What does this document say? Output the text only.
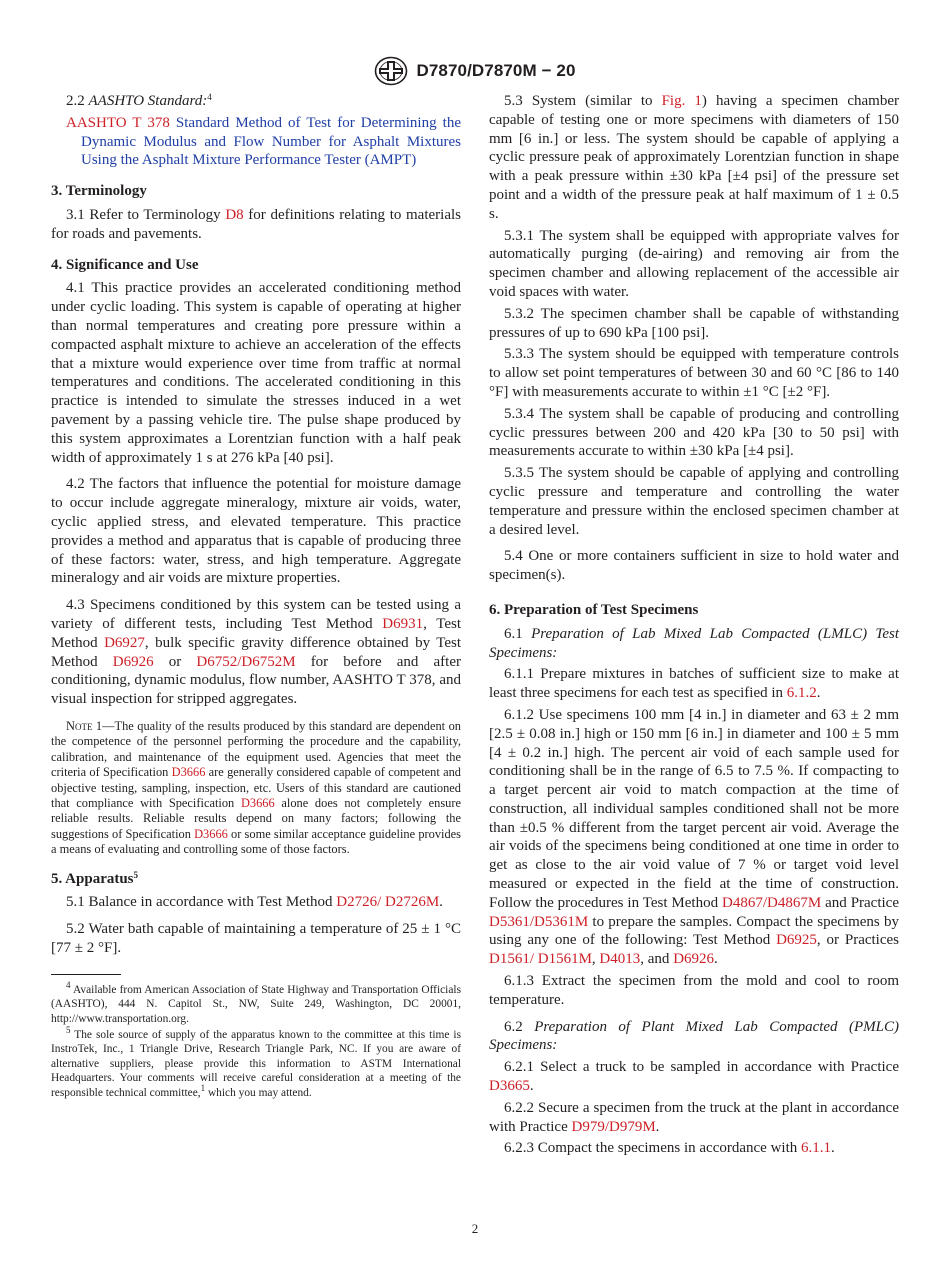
D7870/D7870M − 20

2.2 AASHTO Standard:$^4$

AASHTO T 378 Standard Method of Test for Determining the Dynamic Modulus and Flow Number for Asphalt Mixtures Using the Asphalt Mixture Performance Tester (AMPT)

3. Terminology

3.1 Refer to Terminology D8 for definitions relating to materials for roads and pavements.

4. Significance and Use

4.1 This practice provides an accelerated conditioning method under cyclic loading. This system is capable of operating at higher than normal temperatures and creating pore pressure within a compacted asphalt mixture to achieve an acceleration of the effects that a mixture would experience over time from traffic at normal temperatures and conditions. The accelerated conditioning in this practice is intended to simulate the stresses induced in a wet pavement by a passing vehicle tire. The pulse shape produced by this system approximates a Lorentzian function with a half peak width of approximately 1 s at 276 kPa [40 psi].

4.2 The factors that influence the potential for moisture damage to occur include aggregate mineralogy, mixture air voids, water, cyclic applied stress, and elevated temperature. This practice provides a method and apparatus that is capable of producing three of these factors: water, stress, and high temperature. Aggregate mineralogy and air voids are mixture properties.

4.3 Specimens conditioned by this system can be tested using a variety of different tests, including Test Method D6931, Test Method D6927, bulk specific gravity difference obtained by Test Method D6926 or D6752/D6752M for before and after conditioning, dynamic modulus, flow number, AASHTO T 378, and visual inspection for stripped aggregates.

Note 1—The quality of the results produced by this standard are dependent on the competence of the personnel performing the procedure and the capability, calibration, and maintenance of the equipment used. Agencies that meet the criteria of Specification D3666 are generally considered capable of competent and objective testing, sampling, inspection, etc. Users of this standard are cautioned that compliance with Specification D3666 alone does not completely ensure reliable results. Reliable results depend on many factors; following the suggestions of Specification D3666 or some similar acceptance guideline provides a means of evaluating and controlling some of those factors.

5. Apparatus$^5$

5.1 Balance in accordance with Test Method D2726/ D2726M.

5.2 Water bath capable of maintaining a temperature of 25 ± 1 °C [77 ± 2 °F].

$^4$ Available from American Association of State Highway and Transportation Officials (AASHTO), 444 N. Capitol St., NW, Suite 249, Washington, DC 20001, http://www.transportation.org.

$^5$ The sole source of supply of the apparatus known to the committee at this time is InstroTek, Inc., 1 Triangle Drive, Research Triangle Park, NC. If you are aware of alternative suppliers, please provide this information to ASTM International Headquarters. Your comments will receive careful consideration at a meeting of the responsible technical committee,$^1$ which you may attend.

5.3 System (similar to Fig. 1) having a specimen chamber capable of testing one or more specimens with diameters of 150 mm [6 in.] or less. The system should be capable of applying a cyclic pressure peak of approximately Lorentzian function in shape with a peak pressure within ±30 kPa [±4 psi] of the pressure set point and a width of the pressure peak at half maximum of 1 ± 0.5 s.

5.3.1 The system shall be equipped with appropriate valves for automatically purging (de-airing) and removing air from the specimen chamber and allowing replacement of the accessible air void spaces with water.

5.3.2 The specimen chamber shall be capable of withstanding pressures of up to 690 kPa [100 psi].

5.3.3 The system should be equipped with temperature controls to allow set point temperatures of between 30 and 60 °C [86 to 140 °F] with measurements accurate to within ±1 °C [±2 °F].

5.3.4 The system shall be capable of producing and controlling cyclic pressures between 200 and 420 kPa [30 to 50 psi] with measurements accurate to within ±30 kPa [±4 psi].

5.3.5 The system should be capable of applying and controlling cyclic pressure and temperature and controlling the water temperature and pressure within the enclosed specimen chamber at a desired level.

5.4 One or more containers sufficient in size to hold water and specimen(s).

6. Preparation of Test Specimens

6.1 Preparation of Lab Mixed Lab Compacted (LMLC) Test Specimens:

6.1.1 Prepare mixtures in batches of sufficient size to make at least three specimens for each test as specified in 6.1.2.

6.1.2 Use specimens 100 mm [4 in.] in diameter and 63 ± 2 mm [2.5 ± 0.08 in.] high or 150 mm [6 in.] in diameter and 100 ± 5 mm [4 ± 0.2 in.] high. The percent air void of each sample used for conditioning shall be in the range of 6.5 to 7.5 %. If compacting to a target percent air void to match compaction at the time of construction, all individual samples conditioned shall not be more than ±0.5 % different from the target percent air void. Average the air voids of the specimens being conditioned at one time in order to get as close to the air void value of 7 % or target void level measured or expected in the field at the time of construction. Follow the procedures in Test Method D4867/D4867M and Practice D5361/D5361M to prepare the samples. Compact the specimens by using any one of the following: Test Method D6925, or Practices D1561/ D1561M, D4013, and D6926.

6.1.3 Extract the specimen from the mold and cool to room temperature.

6.2 Preparation of Plant Mixed Lab Compacted (PMLC) Specimens:

6.2.1 Select a truck to be sampled in accordance with Practice D3665.

6.2.2 Secure a specimen from the truck at the plant in accordance with Practice D979/D979M.

6.2.3 Compact the specimens in accordance with 6.1.1.

2
